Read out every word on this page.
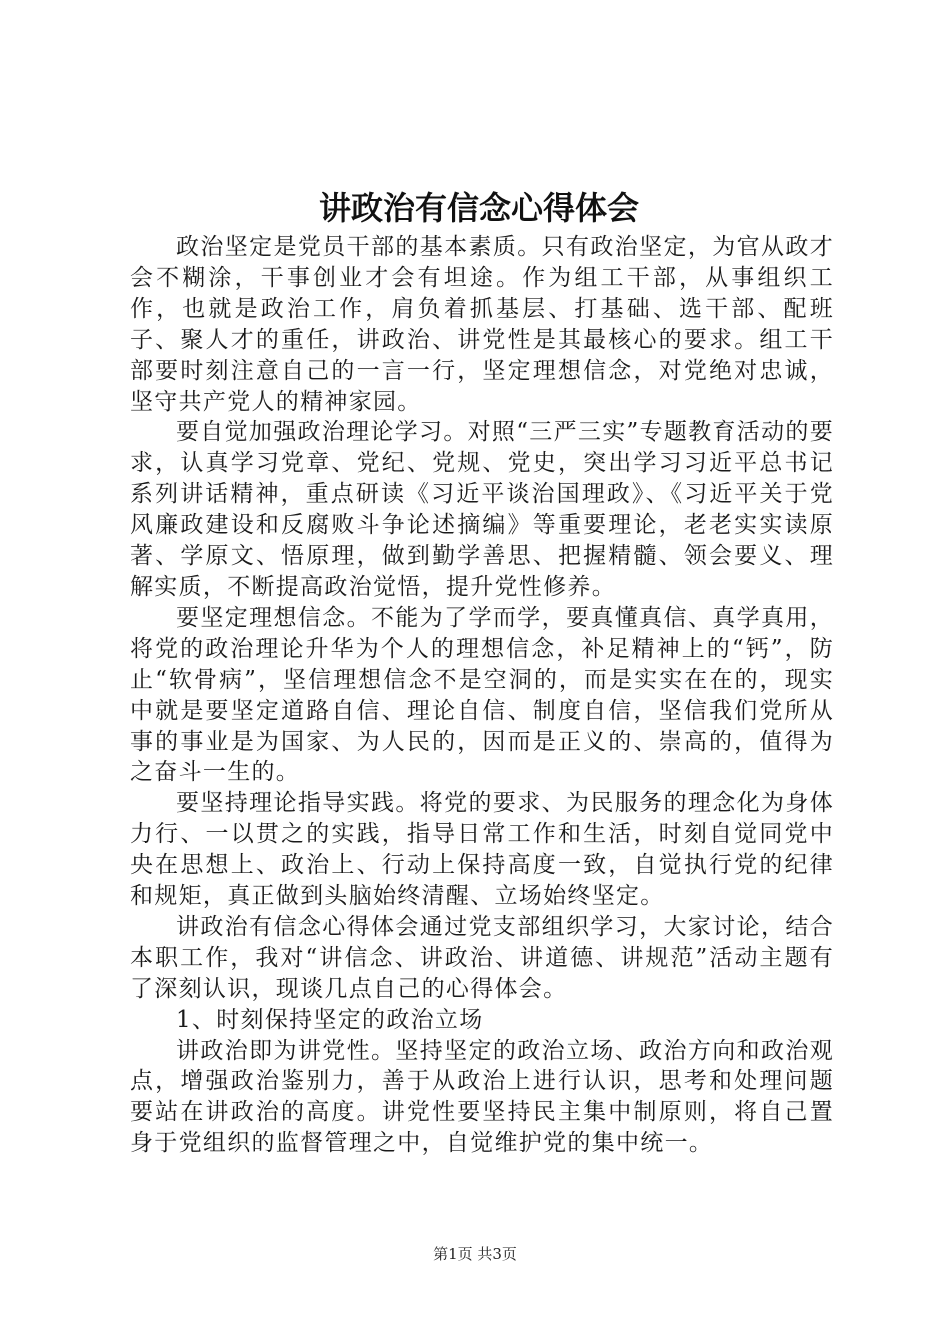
讲政治有信念心得体会

政治坚定是党员干部的基本素质。只有政治坚定，为官从政才会不糊涂，干事创业才会有坦途。作为组工干部，从事组织工作，也就是政治工作，肩负着抓基层、打基础、选干部、配班子、聚人才的重任，讲政治、讲党性是其最核心的要求。组工干部要时刻注意自己的一言一行，坚定理想信念，对党绝对忠诚，坚守共产党人的精神家园。

要自觉加强政治理论学习。对照“三严三实”专题教育活动的要求，认真学习党章、党纪、党规、党史，突出学习习近平总书记系列讲话精神，重点研读《习近平谈治国理政》、《习近平关于党风廉政建设和反腐败斗争论述摘编》等重要理论，老老实实读原著、学原文、悟原理，做到勤学善思、把握精髓、领会要义、理解实质，不断提高政治觉悟，提升党性修养。

要坚定理想信念。不能为了学而学，要真懂真信、真学真用，将党的政治理论升华为个人的理想信念，补足精神上的“钙”，防止“软骨病”，坚信理想信念不是空洞的，而是实实在在的，现实中就是要坚定道路自信、理论自信、制度自信，坚信我们党所从事的事业是为国家、为人民的，因而是正义的、崇高的，值得为之奋斗一生的。

要坚持理论指导实践。将党的要求、为民服务的理念化为身体力行、一以贯之的实践，指导日常工作和生活，时刻自觉同党中央在思想上、政治上、行动上保持高度一致，自觉执行党的纪律和规矩，真正做到头脑始终清醒、立场始终坚定。

讲政治有信念心得体会通过党支部组织学习，大家讨论，结合本职工作，我对“讲信念、讲政治、讲道德、讲规范”活动主题有了深刻认识，现谈几点自己的心得体会。

1、时刻保持坚定的政治立场

讲政治即为讲党性。坚持坚定的政治立场、政治方向和政治观点，增强政治鉴别力，善于从政治上进行认识，思考和处理问题要站在讲政治的高度。讲党性要坚持民主集中制原则，将自己置身于党组织的监督管理之中，自觉维护党的集中统一。

第1页 共3页
